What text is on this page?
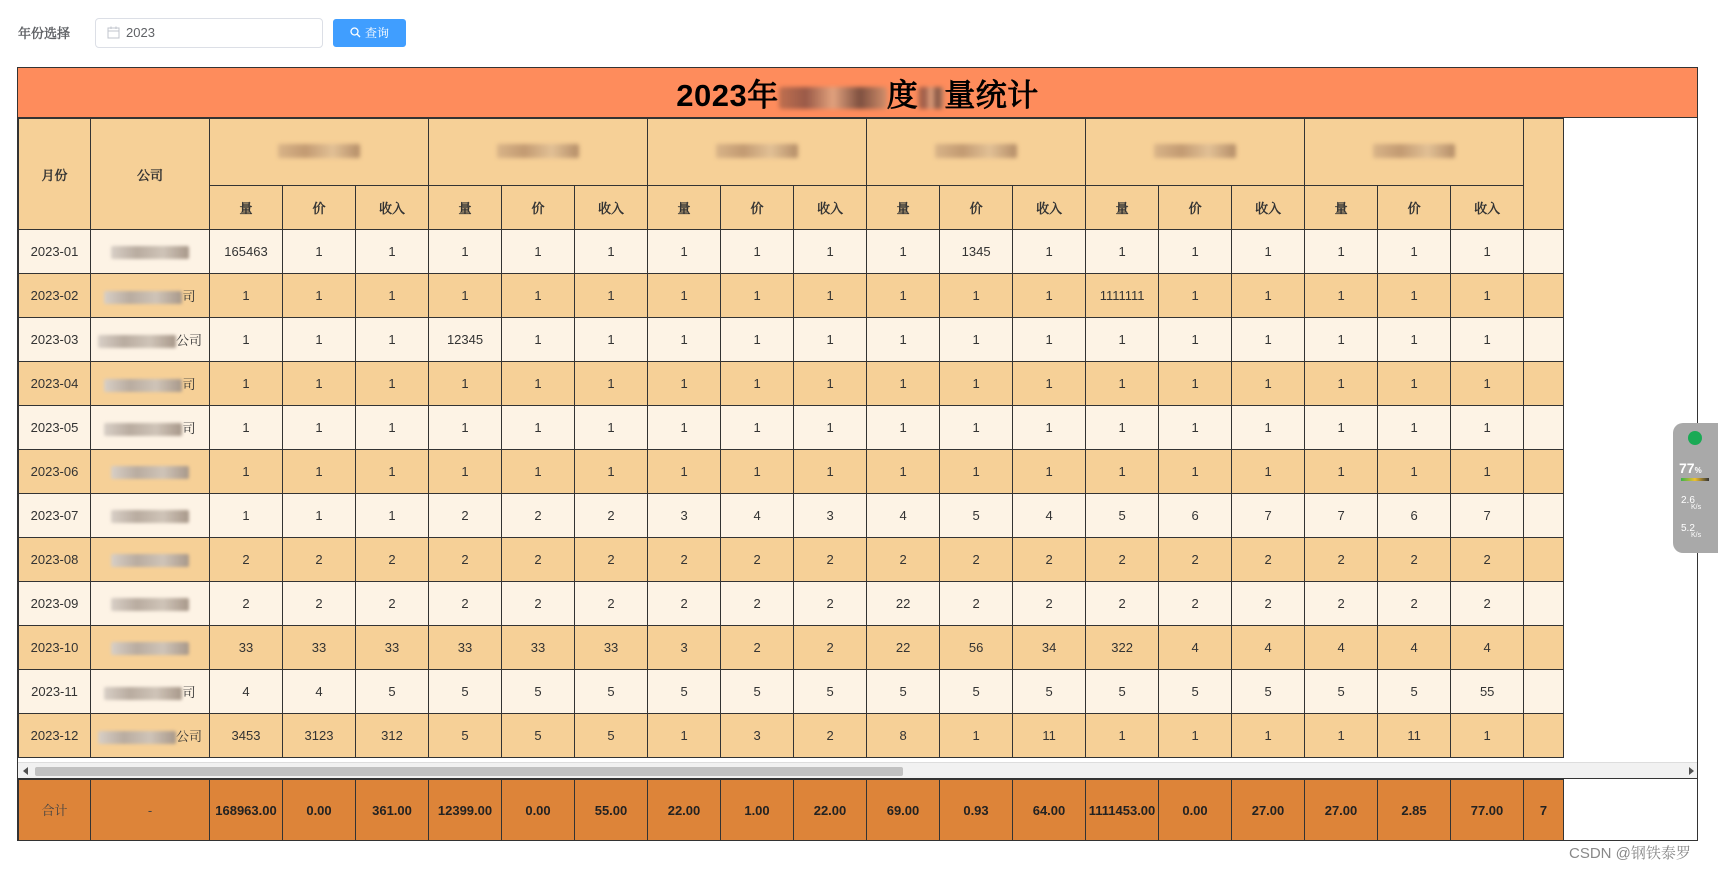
年份选择	2023	查询
2023年	度 量统计
月份	公司																			
		量	价	收入	量	价	收入	量	价	收入	量	价	收入	量	价	收入	量	价	收入	
2023-01		165463	1	1	1	1	1	1	1	1	1	1345	1	1	1	1	1	1	1	
2023-02	司	1	1	1	1	1	1	1	1	1	1	1	1	1111111	1	1	1	1	1	
2023-03	公司	1	1	1	12345	1	1	1	1	1	1	1	1	1	1	1	1	1	1	
2023-04	司	1	1	1	1	1	1	1	1	1	1	1	1	1	1	1	1	1	1	
2023-05	司	1	1	1	1	1	1	1	1	1	1	1	1	1	1	1	1	1	1	
2023-06		1	1	1	1	1	1	1	1	1	1	1	1	1	1	1	1	1	1	
2023-07		1	1	1	2	2	2	3	4	3	4	5	4	5	6	7	7	6	7	
2023-08		2	2	2	2	2	2	2	2	2	2	2	2	2	2	2	2	2	2	
2023-09		2	2	2	2	2	2	2	2	2	22	2	2	2	2	2	2	2	2	
2023-10		33	33	33	33	33	33	3	2	2	22	56	34	322	4	4	4	4	4	
2023-11	司	4	4	5	5	5	5	5	5	5	5	5	5	5	5	5	5	5	55	
2023-12	公司	3453	3123	312	5	5	5	1	3	2	8	1	11	1	1	1	1	11	1	
合计	-	168963.00	0.00	361.00	12399.00	0.00	55.00	22.00	1.00	22.00	69.00	0.93	64.00	1111453.00	0.00	27.00	27.00	2.85	77.00	7
77%
2.6
K/s
5.2
K/s
CSDN @钢铁泰罗
